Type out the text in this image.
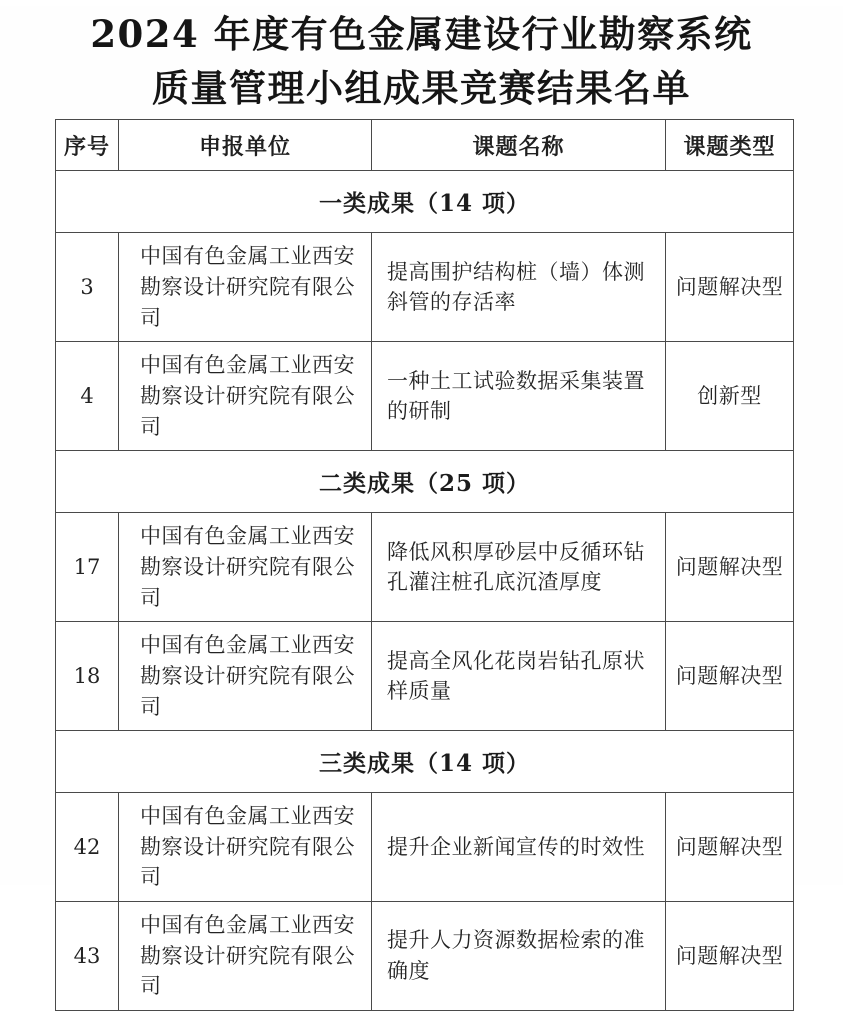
2024 年度有色金属建设行业勘察系统
质量管理小组成果竞赛结果名单
序号	申报单位	课题名称	课题类型
一类成果（14 项）			
3	中国有色金属工业西安勘察设计研究院有限公司	提高围护结构桩（墙）体测斜管的存活率	问题解决型
4	中国有色金属工业西安勘察设计研究院有限公司	一种土工试验数据采集装置的研制	创新型
二类成果（25 项）			
17	中国有色金属工业西安勘察设计研究院有限公司	降低风积厚砂层中反循环钻孔灌注桩孔底沉渣厚度	问题解决型
18	中国有色金属工业西安勘察设计研究院有限公司	提高全风化花岗岩钻孔原状样质量	问题解决型
三类成果（14 项）			
42	中国有色金属工业西安勘察设计研究院有限公司	提升企业新闻宣传的时效性	问题解决型
43	中国有色金属工业西安勘察设计研究院有限公司	提升人力资源数据检索的准确度	问题解决型
